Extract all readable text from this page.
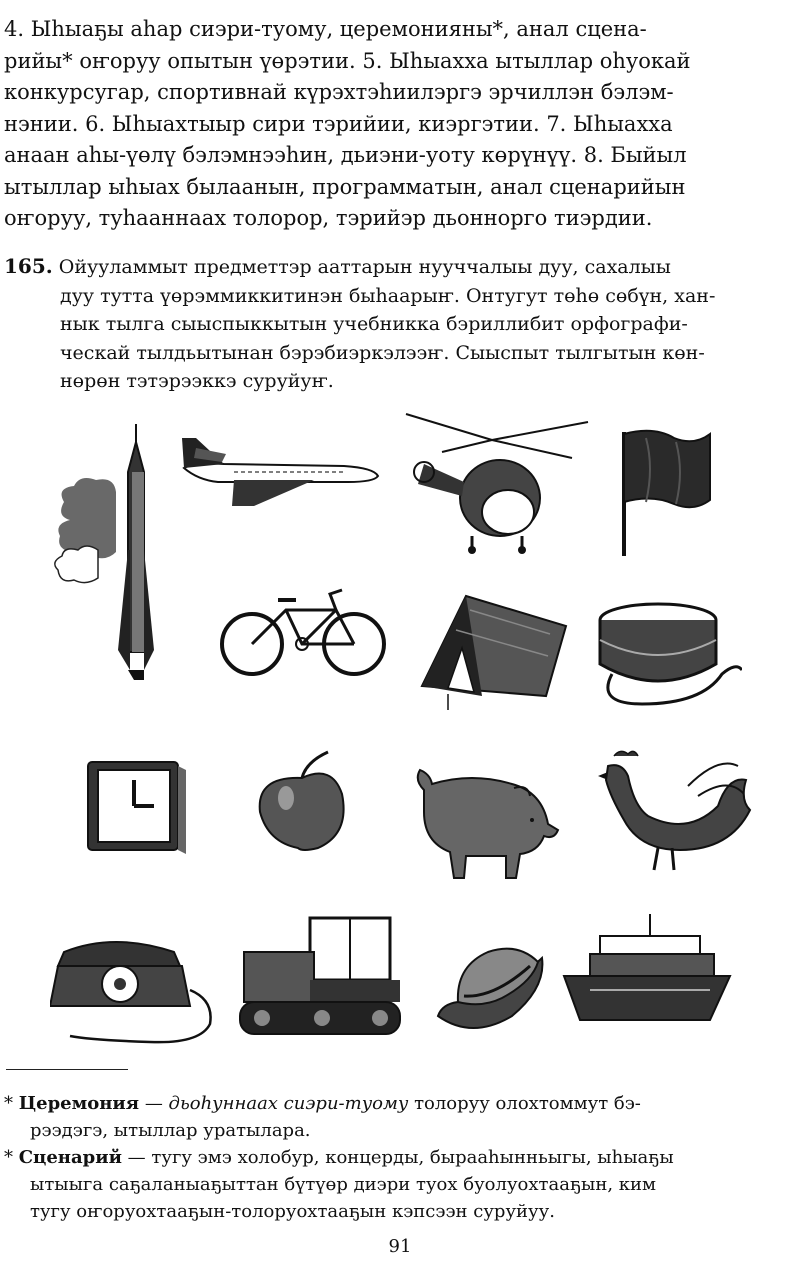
4. Ыһыаҕы аһар сиэри-туому, церемонияны*, анал сцена-
рийы* оҥоруу опытын үөрэтии. 5. Ыһыахха ытыллар оһуокай
конкурсугар, спортивнай күрэхтэһиилэргэ эрчиллэн бэлэм-
нэнии. 6. Ыһыахтыыр сири тэрийии, киэргэтии. 7. Ыһыахха
анаан аһы-үөлү бэлэмнээһин, дьиэни-уоту көрүнүү. 8. Быйыл
ытыллар ыһыах былаанын, программатын, анал сценарийын
оҥоруу, туһааннаах толорор, тэрийэр дьоннорго тиэрдии.
165. Ойууламмыт предметтэр ааттарын нууччалыы дуу, сахалыы
дуу тутта үөрэммиккитинэн быһаарыҥ. Онтугут төһө сөбүн, хан-
нык тылга сыыспыккытын учебникка бэриллибит орфографи-
ческай тылдьытынан бэрэбиэркэлээҥ. Сыыспыт тылгытын көн-
нөрөн тэтэрээккэ суруйуҥ.
* Церемония — дьоһуннаах сиэри-туому толоруу олохтоммут бэ-
рээдэгэ, ытыллар уратылара.
* Сценарий — тугу эмэ холобур, концерды, бырааһынньыгы, ыһыаҕы
ытыыга саҕаланыаҕыттан бүтүөр диэри туох буолуохтааҕын, ким
тугу оҥоруохтааҕын-толоруохтааҕын кэпсээн суруйуу.
91
